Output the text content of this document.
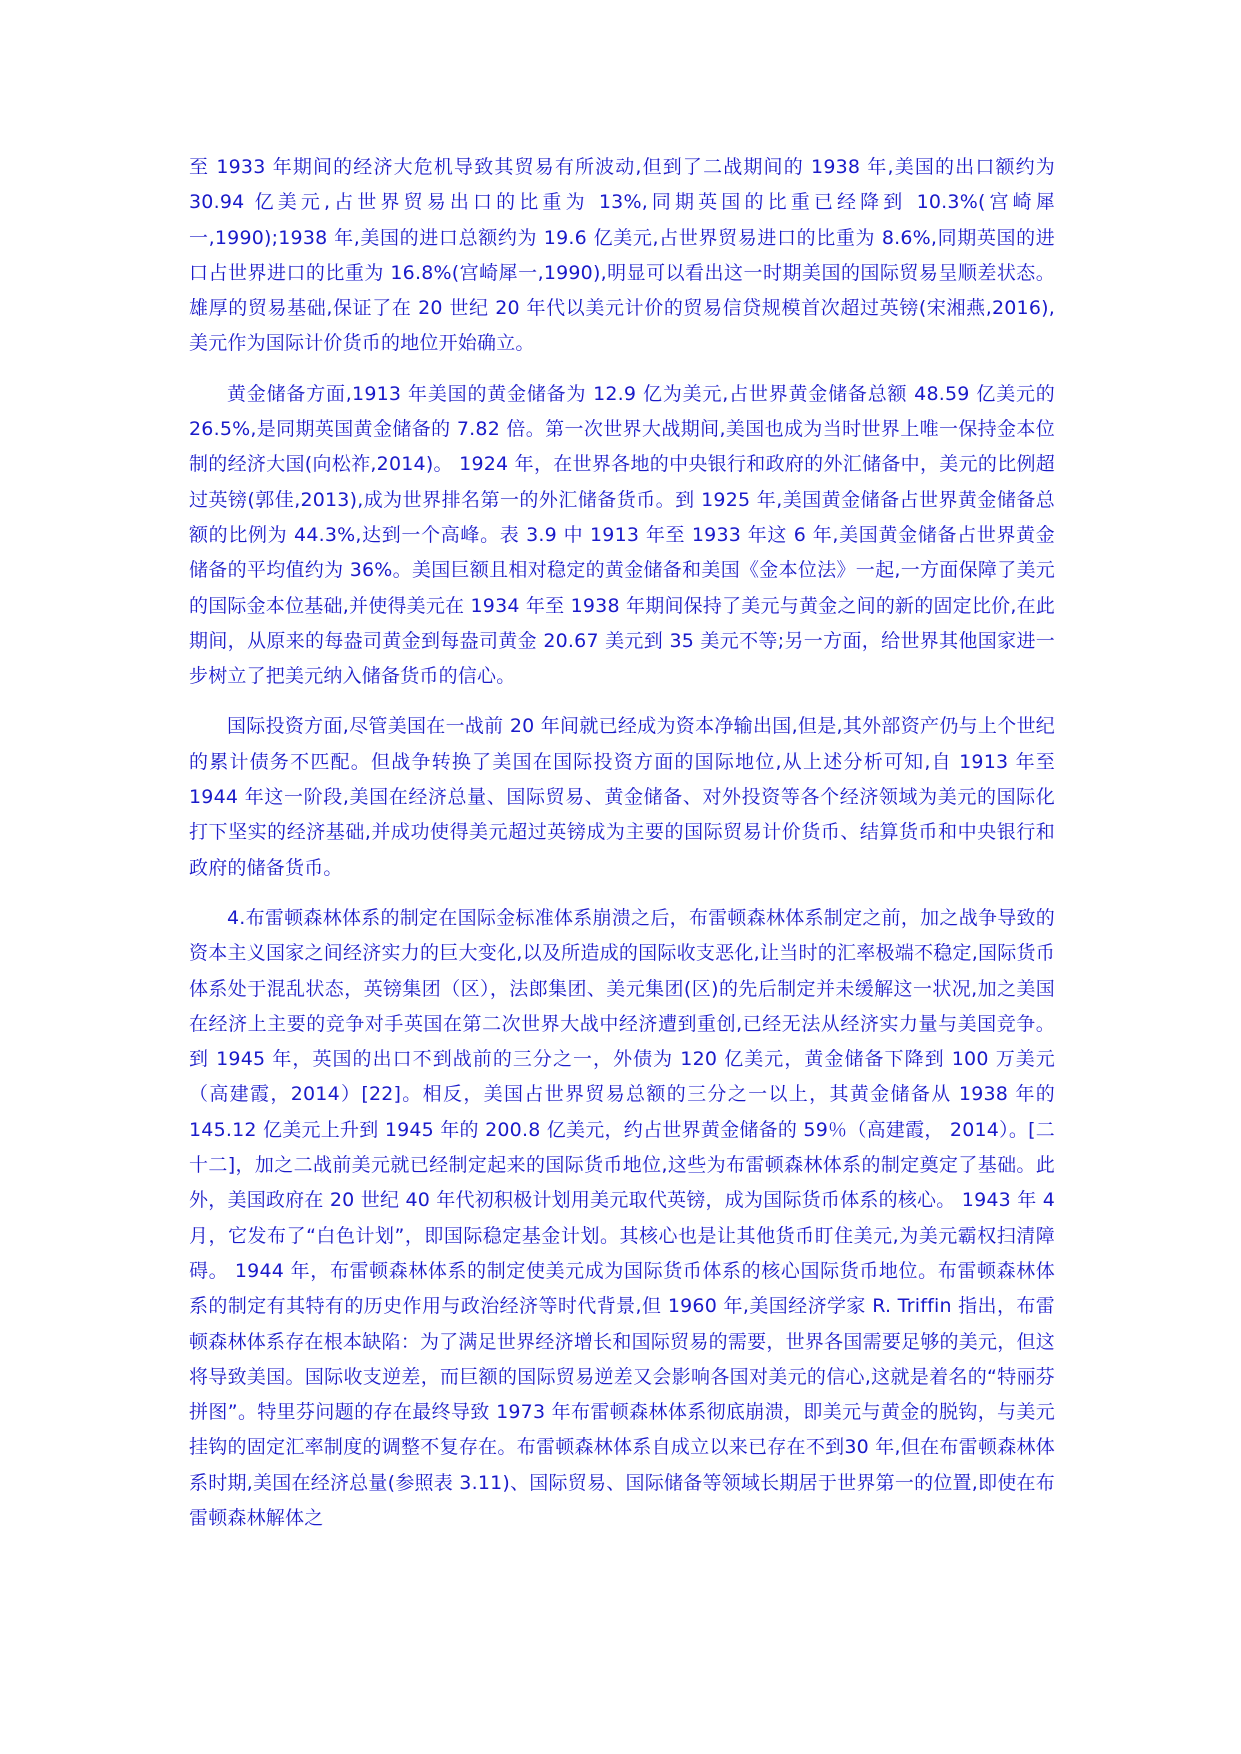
至 1933 年期间的经济大危机导致其贸易有所波动,但到了二战期间的 1938 年,美国的出口额约为 30.94 亿美元,占世界贸易出口的比重为 13%,同期英国的比重已经降到 10.3%(宫崎犀一,1990);1938 年,美国的进口总额约为 19.6 亿美元,占世界贸易进口的比重为 8.6%,同期英国的进口占世界进口的比重为 16.8%(宫崎犀一,1990),明显可以看出这一时期美国的国际贸易呈顺差状态。雄厚的贸易基础,保证了在 20 世纪 20 年代以美元计价的贸易信贷规模首次超过英镑(宋湘燕,2016),美元作为国际计价货币的地位开始确立。

黄金储备方面,1913 年美国的黄金储备为 12.9 亿为美元,占世界黄金储备总额 48.59 亿美元的 26.5%,是同期英国黄金储备的 7.82 倍。第一次世界大战期间,美国也成为当时世界上唯一保持金本位制的经济大国(向松祚,2014)。 1924 年，在世界各地的中央银行和政府的外汇储备中，美元的比例超过英镑(郭佳,2013),成为世界排名第一的外汇储备货币。到 1925 年,美国黄金储备占世界黄金储备总额的比例为 44.3%,达到一个高峰。表 3.9 中 1913 年至 1933 年这 6 年,美国黄金储备占世界黄金储备的平均值约为 36%。美国巨额且相对稳定的黄金储备和美国《金本位法》一起,一方面保障了美元的国际金本位基础,并使得美元在 1934 年至 1938 年期间保持了美元与黄金之间的新的固定比价,在此期间，从原来的每盎司黄金到每盎司黄金 20.67 美元到 35 美元不等;另一方面，给世界其他国家进一步树立了把美元纳入储备货币的信心。

国际投资方面,尽管美国在一战前 20 年间就已经成为资本净输出国,但是,其外部资产仍与上个世纪的累计债务不匹配。但战争转换了美国在国际投资方面的国际地位,从上述分析可知,自 1913 年至 1944 年这一阶段,美国在经济总量、国际贸易、黄金储备、对外投资等各个经济领域为美元的国际化打下坚实的经济基础,并成功使得美元超过英镑成为主要的国际贸易计价货币、结算货币和中央银行和政府的储备货币。

4.布雷顿森林体系的制定在国际金标准体系崩溃之后，布雷顿森林体系制定之前，加之战争导致的资本主义国家之间经济实力的巨大变化,以及所造成的国际收支恶化,让当时的汇率极端不稳定,国际货币体系处于混乱状态，英镑集团（区），法郎集团、美元集团(区)的先后制定并未缓解这一状况,加之美国在经济上主要的竞争对手英国在第二次世界大战中经济遭到重创,已经无法从经济实力量与美国竞争。到 1945 年，英国的出口不到战前的三分之一，外债为 120 亿美元，黄金储备下降到 100 万美元（高建霞，2014）[22]。相反，美国占世界贸易总额的三分之一以上，其黄金储备从 1938 年的 145.12 亿美元上升到 1945 年的 200.8 亿美元，约占世界黄金储备的 59％（高建霞， 2014）。[二十二]，加之二战前美元就已经制定起来的国际货币地位,这些为布雷顿森林体系的制定奠定了基础。此外，美国政府在 20 世纪 40 年代初积极计划用美元取代英镑，成为国际货币体系的核心。 1943 年 4 月，它发布了“白色计划”，即国际稳定基金计划。其核心也是让其他货币盯住美元,为美元霸权扫清障碍。 1944 年，布雷顿森林体系的制定使美元成为国际货币体系的核心国际货币地位。布雷顿森林体系的制定有其特有的历史作用与政治经济等时代背景,但 1960 年,美国经济学家 R. Triffin 指出，布雷顿森林体系存在根本缺陷：为了满足世界经济增长和国际贸易的需要，世界各国需要足够的美元，但这将导致美国。国际收支逆差，而巨额的国际贸易逆差又会影响各国对美元的信心,这就是着名的“特丽芬拼图”。特里芬问题的存在最终导致 1973 年布雷顿森林体系彻底崩溃，即美元与黄金的脱钩，与美元挂钩的固定汇率制度的调整不复存在。布雷顿森林体系自成立以来已存在不到30 年,但在布雷顿森林体系时期,美国在经济总量(参照表 3.11)、国际贸易、国际储备等领域长期居于世界第一的位置,即使在布雷顿森林解体之
